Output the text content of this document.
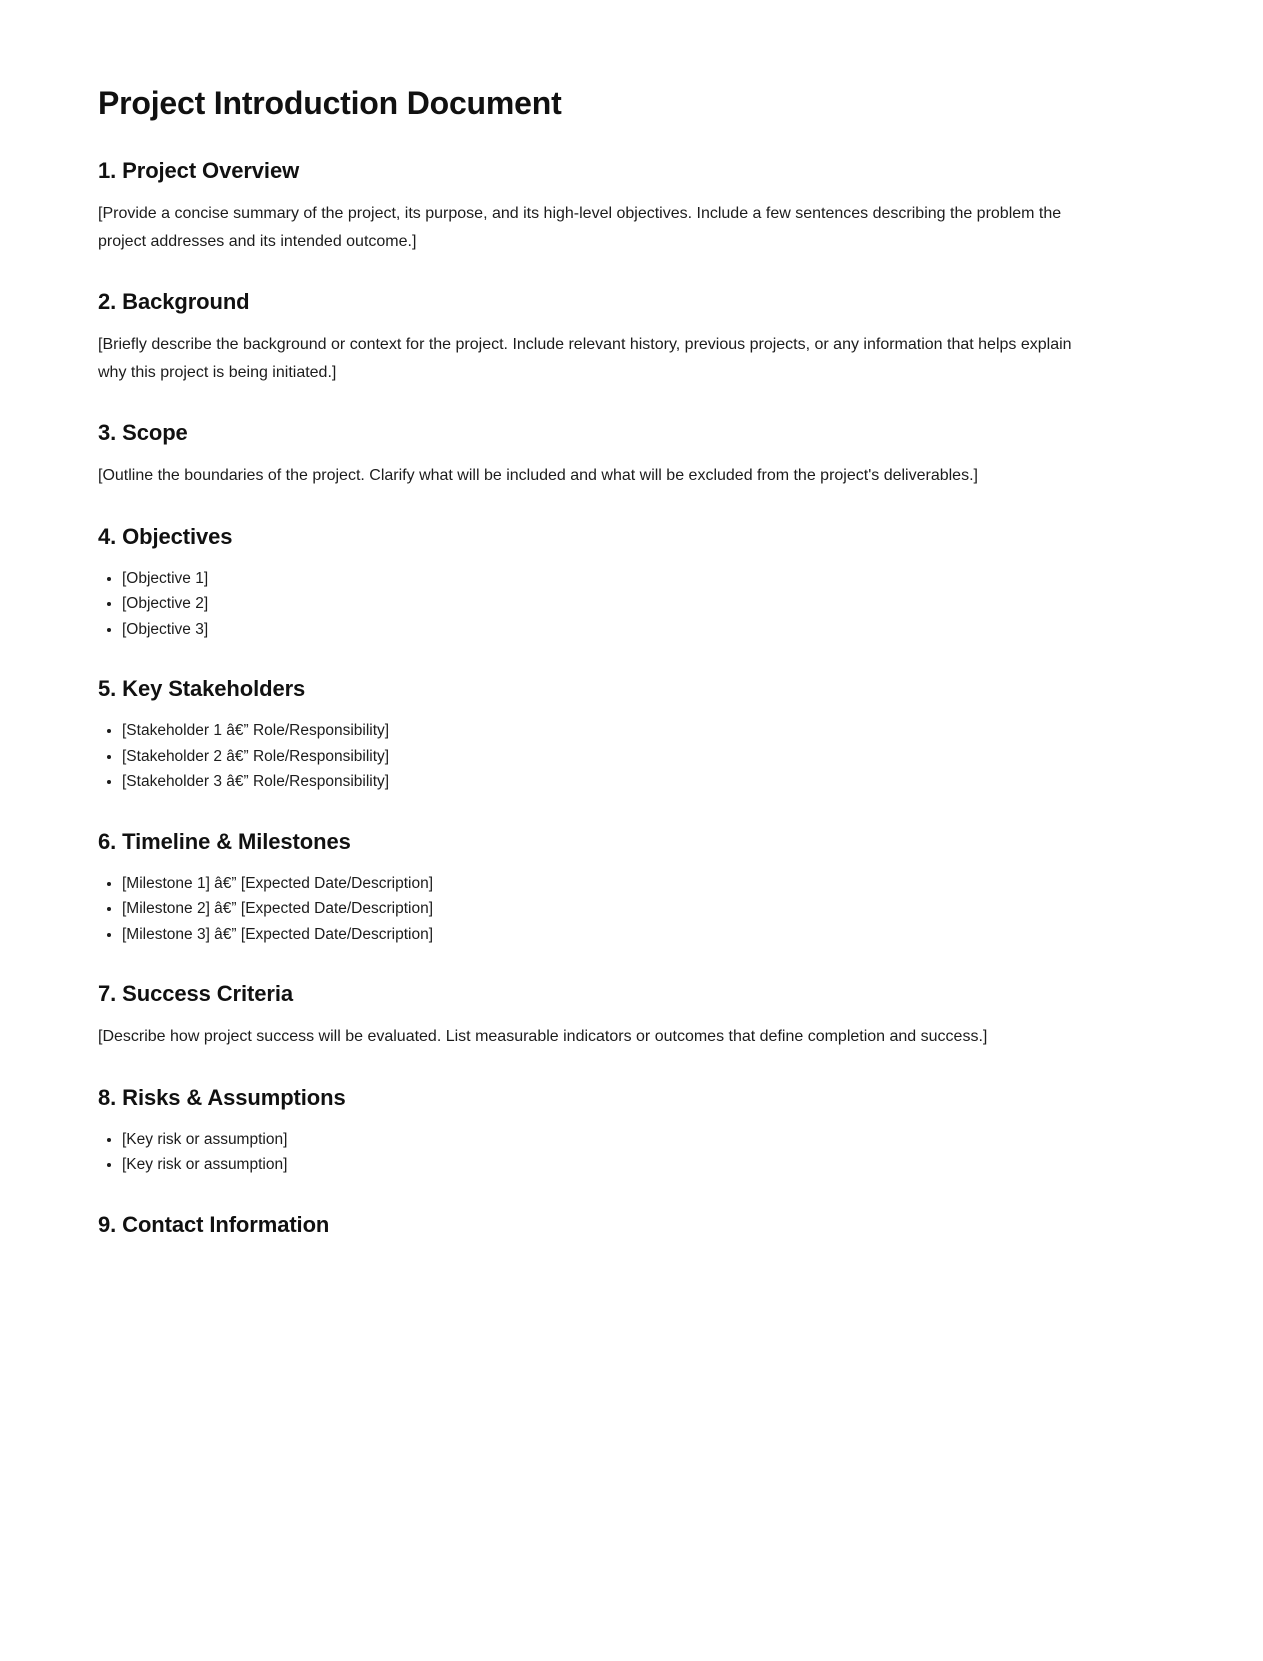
Project Introduction Document
1. Project Overview

[Provide a concise summary of the project, its purpose, and its high-level objectives. Include a few sentences describing the problem the project addresses and its intended outcome.]

2. Background

[Briefly describe the background or context for the project. Include relevant history, previous projects, or any information that helps explain why this project is being initiated.]

3. Scope

[Outline the boundaries of the project. Clarify what will be included and what will be excluded from the project's deliverables.]

4. Objectives
• [Objective 1]
• [Objective 2]
• [Objective 3]
5. Key Stakeholders
• [Stakeholder 1 â€” Role/Responsibility]
• [Stakeholder 2 â€” Role/Responsibility]
• [Stakeholder 3 â€” Role/Responsibility]
6. Timeline & Milestones
• [Milestone 1] â€” [Expected Date/Description]
• [Milestone 2] â€” [Expected Date/Description]
• [Milestone 3] â€” [Expected Date/Description]
7. Success Criteria

[Describe how project success will be evaluated. List measurable indicators or outcomes that define completion and success.]

8. Risks & Assumptions
• [Key risk or assumption]
• [Key risk or assumption]
9. Contact Information
